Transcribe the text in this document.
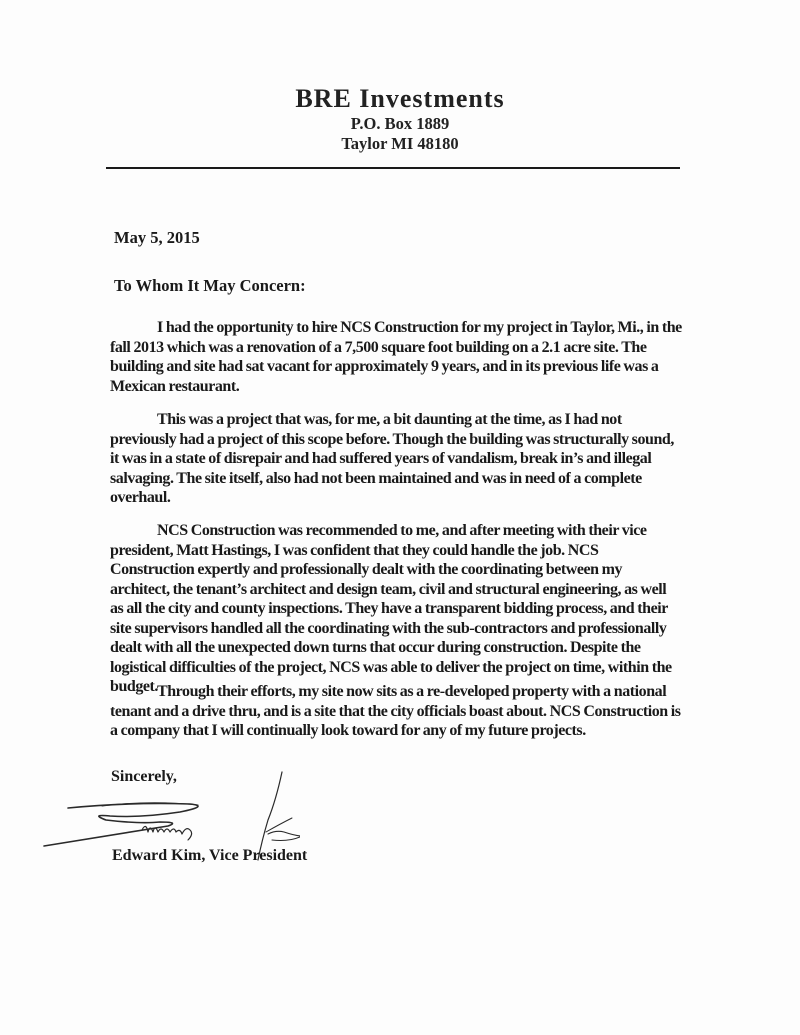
BRE Investments
P.O. Box 1889
Taylor MI 48180
May 5, 2015
To Whom It May Concern:

I had the opportunity to hire NCS Construction for my project in Taylor, Mi., in the fall 2013 which was a renovation of a 7,500 square foot building on a 2.1 acre site. The building and site had sat vacant for approximately 9 years, and in its previous life was a Mexican restaurant.

This was a project that was, for me, a bit daunting at the time, as I had not previously had a project of this scope before. Though the building was structurally sound, it was in a state of disrepair and had suffered years of vandalism, break in’s and illegal salvaging. The site itself, also had not been maintained and was in need of a complete overhaul.

NCS Construction was recommended to me, and after meeting with their vice president, Matt Hastings, I was confident that they could handle the job. NCS Construction expertly and professionally dealt with the coordinating between my architect, the tenant’s architect and design team, civil and structural engineering, as well as all the city and county inspections. They have a transparent bidding process, and their site supervisors handled all the coordinating with the sub-contractors and professionally dealt with all the unexpected down turns that occur during construction. Despite the logistical difficulties of the project, NCS was able to deliver the project on time, within the budget. Through their efforts, my site now sits as a re-developed property with a national tenant and a drive thru, and is a site that the city officials boast about. NCS Construction is a company that I will continually look toward for any of my future projects.

Sincerely,
Edward Kim, Vice President
